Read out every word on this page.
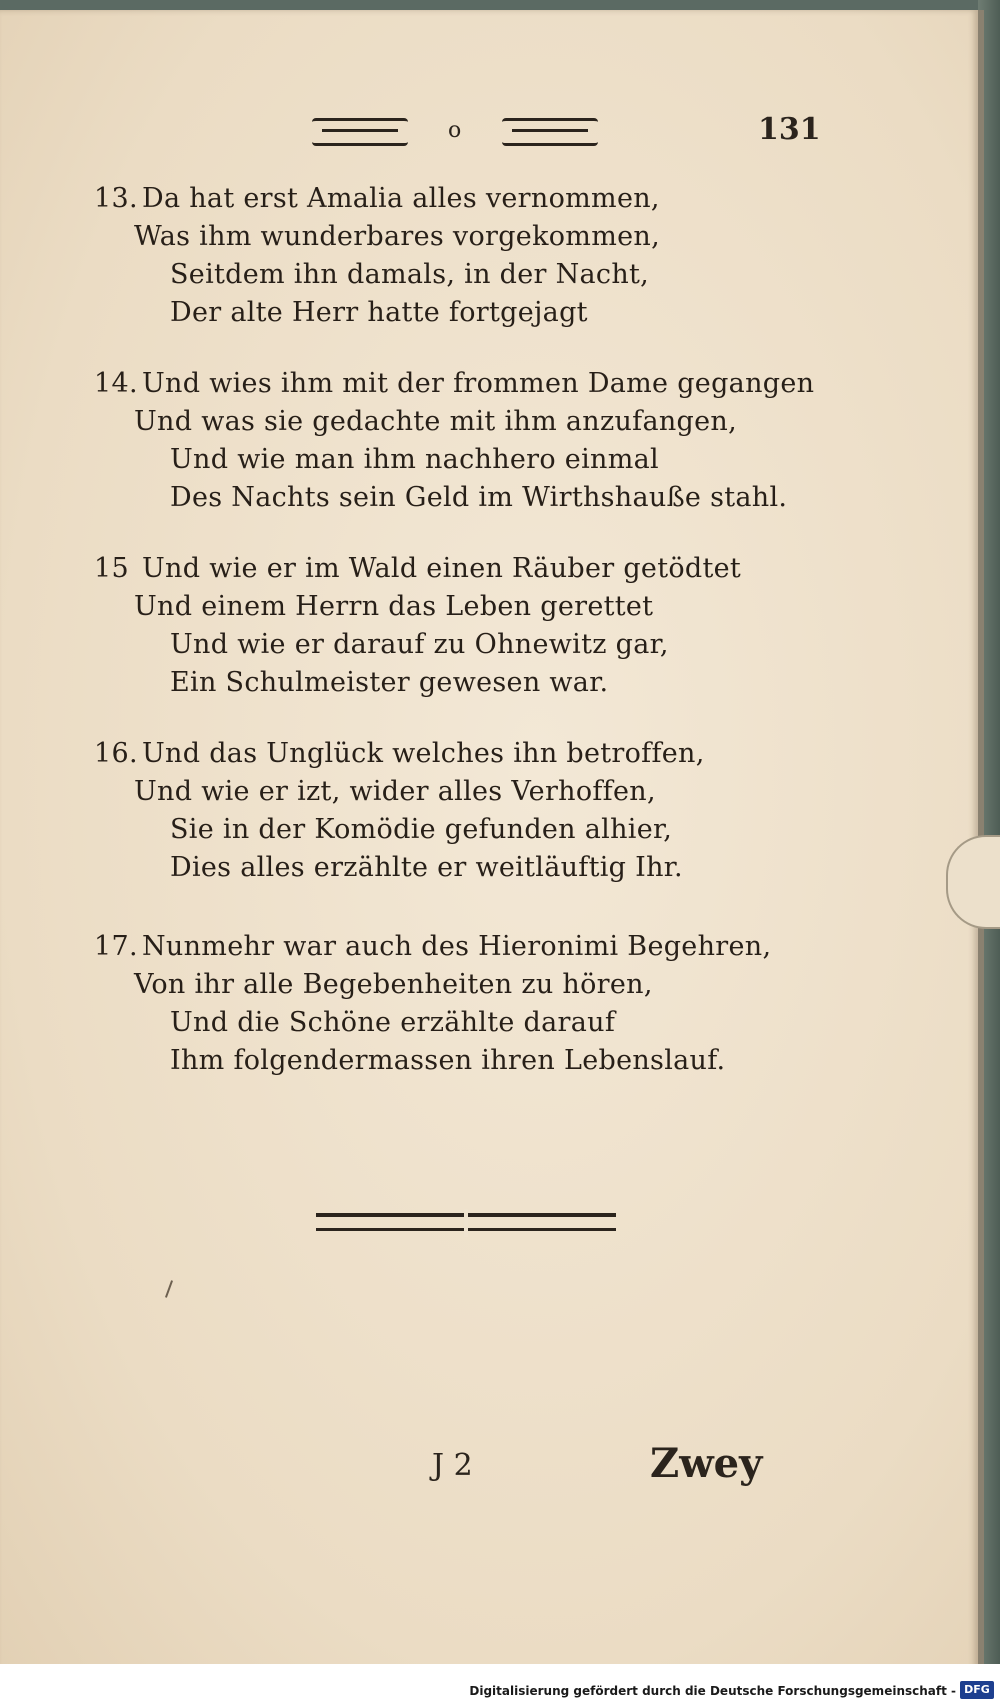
o	131
13. Da hat erst Amalia alles vernommen,
Was ihm wunderbares vorgekommen,
Seitdem ihn damals, in der Nacht,
Der alte Herr hatte fortgejagt
14. Und wies ihm mit der frommen Dame gegangen
Und was sie gedachte mit ihm anzufangen,
Und wie man ihm nachhero einmal
Des Nachts sein Geld im Wirthshauße stahl.
15 Und wie er im Wald einen Räuber getödtet
Und einem Herrn das Leben gerettet
Und wie er darauf zu Ohnewitz gar,
Ein Schulmeister gewesen war.
16. Und das Unglück welches ihn betroffen,
Und wie er izt, wider alles Verhoffen,
Sie in der Komödie gefunden alhier,
Dies alles erzählte er weitläuftig Ihr.
17. Nunmehr war auch des Hieronimi Begehren,
Von ihr alle Begebenheiten zu hören,
Und die Schöne erzählte darauf
Ihm folgendermassen ihren Lebenslauf.
J 2	Zwey
Digitalisierung gefördert durch die Deutsche Forschungsgemeinschaft - DFG
